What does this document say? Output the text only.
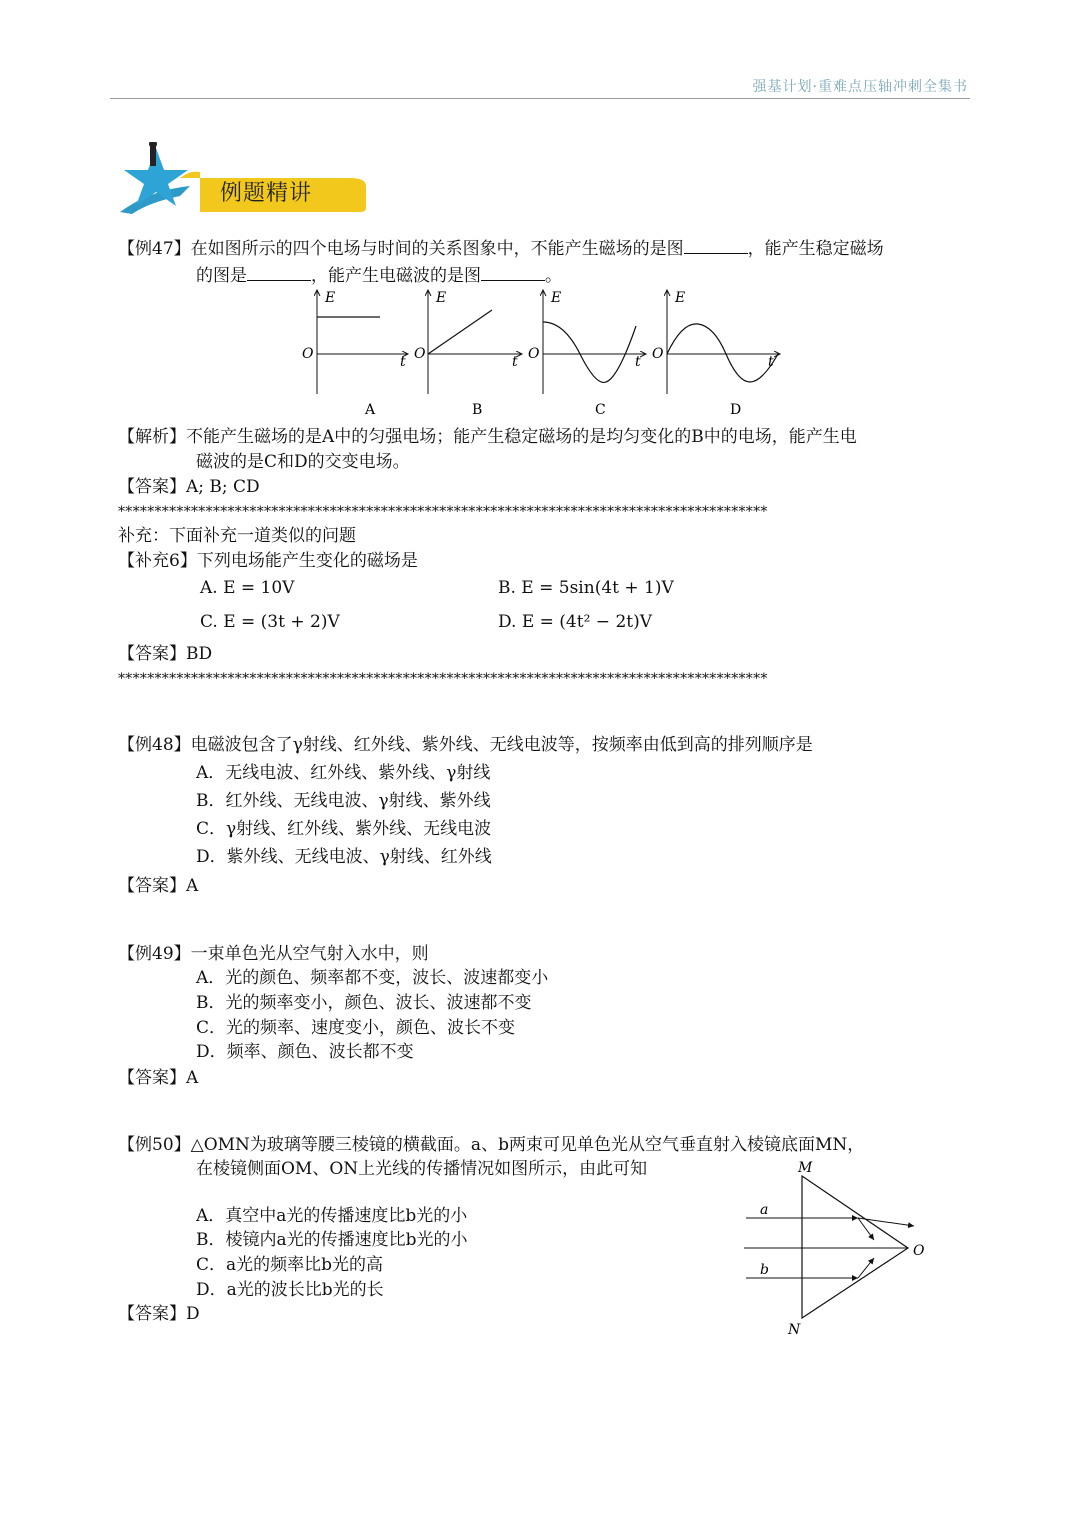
强基计划·重难点压轴冲刺全集书
例题精讲
【例47】在如图所示的四个电场与时间的关系图象中，不能产生磁场的是图	，能产生稳定磁场
的图是	，能产生电磁波的是图	。
E
O	t
A
E
O	t
B
E
O	t
C
E
O	t
D
【解析】不能产生磁场的是A中的匀强电场；能产生稳定磁场的是均匀变化的B中的电场，能产生电
磁波的是C和D的交变电场。
【答案】A; B; CD
*****************************************************************************************
补充：下面补充一道类似的问题
【补充6】下列电场能产生变化的磁场是
A. E = 10V	B. E = 5sin(4t + 1)V
C. E = (3t + 2)V	D. E = (4t² − 2t)V
【答案】BD
*****************************************************************************************
【例48】电磁波包含了γ射线、红外线、紫外线、无线电波等，按频率由低到高的排列顺序是
A．无线电波、红外线、紫外线、γ射线
B．红外线、无线电波、γ射线、紫外线
C．γ射线、红外线、紫外线、无线电波
D．紫外线、无线电波、γ射线、红外线
【答案】A
【例49】一束单色光从空气射入水中，则
A．光的颜色、频率都不变，波长、波速都变小
B．光的频率变小，颜色、波长、波速都不变
C．光的频率、速度变小，颜色、波长不变
D．频率、颜色、波长都不变
【答案】A
【例50】△OMN为玻璃等腰三棱镜的横截面。a、b两束可见单色光从空气垂直射入棱镜底面MN，
在棱镜侧面OM、ON上光线的传播情况如图所示，由此可知
A．真空中a光的传播速度比b光的小
B．棱镜内a光的传播速度比b光的小
C．a光的频率比b光的高
D．a光的波长比b光的长
【答案】D
M
N
O
a
b
